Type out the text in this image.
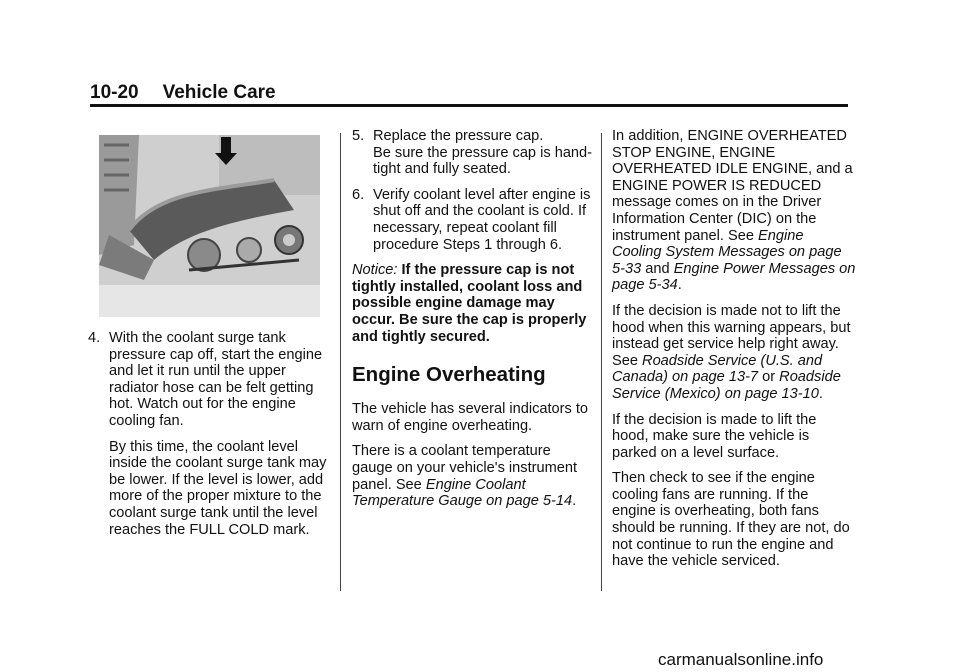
10-20 Vehicle Care
4. With the coolant surge tank pressure cap off, start the engine and let it run until the upper radiator hose can be felt getting hot. Watch out for the engine cooling fan.
By this time, the coolant level inside the coolant surge tank may be lower. If the level is lower, add more of the proper mixture to the coolant surge tank until the level reaches the FULL COLD mark.
5. Replace the pressure cap.
Be sure the pressure cap is hand-tight and fully seated.
6. Verify coolant level after engine is shut off and the coolant is cold. If necessary, repeat coolant fill procedure Steps 1 through 6.

Notice: If the pressure cap is not tightly installed, coolant loss and possible engine damage may occur. Be sure the cap is properly and tightly secured.

Engine Overheating

The vehicle has several indicators to warn of engine overheating.

There is a coolant temperature gauge on your vehicle's instrument panel. See Engine Coolant Temperature Gauge on page 5-14.

In addition, ENGINE OVERHEATED STOP ENGINE, ENGINE OVERHEATED IDLE ENGINE, and a ENGINE POWER IS REDUCED message comes on in the Driver Information Center (DIC) on the instrument panel. See Engine Cooling System Messages on page 5-33 and Engine Power Messages on page 5-34.

If the decision is made not to lift the hood when this warning appears, but instead get service help right away. See Roadside Service (U.S. and Canada) on page 13-7 or Roadside Service (Mexico) on page 13-10.

If the decision is made to lift the hood, make sure the vehicle is parked on a level surface.

Then check to see if the engine cooling fans are running. If the engine is overheating, both fans should be running. If they are not, do not continue to run the engine and have the vehicle serviced.

carmanualsonline.info
